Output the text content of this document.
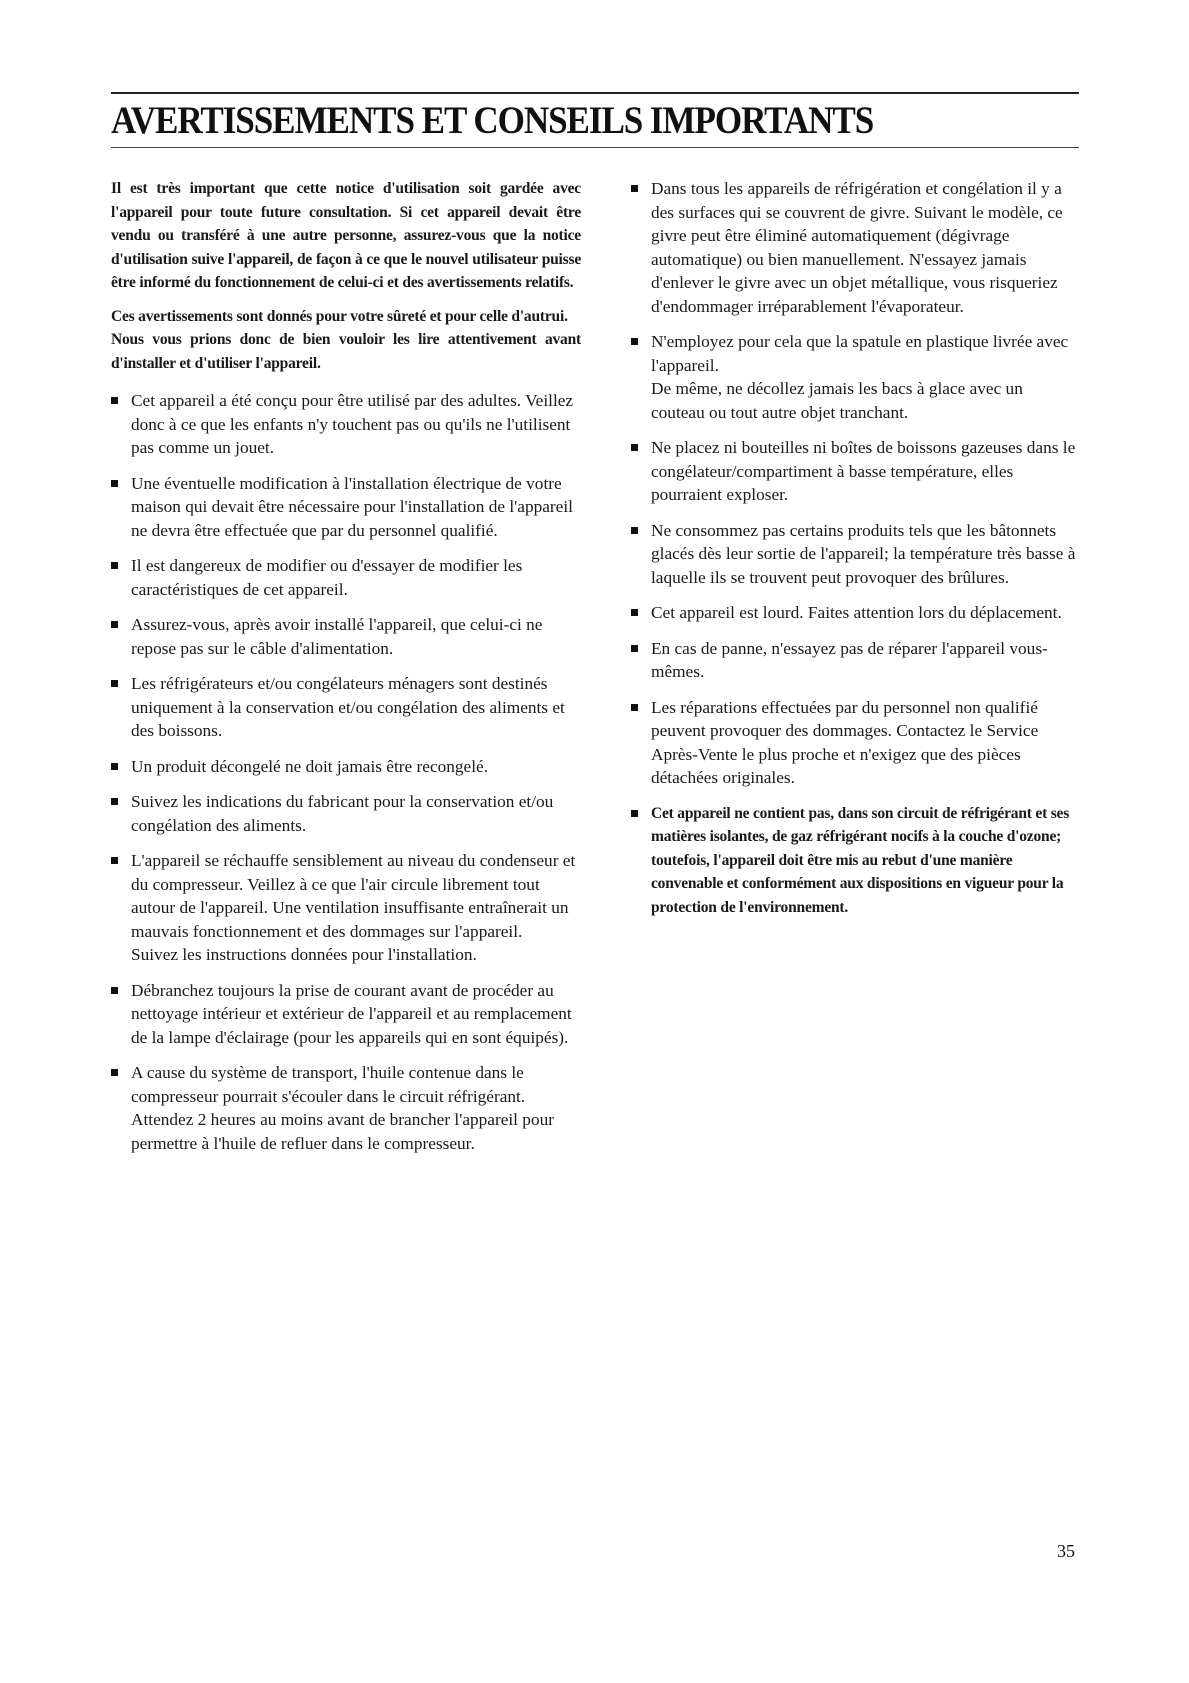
AVERTISSEMENTS ET CONSEILS IMPORTANTS

Il est très important que cette notice d'utilisation soit gardée avec l'appareil pour toute future consultation. Si cet appareil devait être vendu ou transféré à une autre personne, assurez-vous que la notice d'utilisation suive l'appareil, de façon à ce que le nouvel utilisateur puisse être informé du fonctionnement de celui-ci et des avertissements relatifs.

Ces avertissements sont donnés pour votre sûreté et pour celle d'autrui.

Nous vous prions donc de bien vouloir les lire attentivement avant d'installer et d'utiliser l'appareil.

Cet appareil a été conçu pour être utilisé par des adultes. Veillez donc à ce que les enfants n'y touchent pas ou qu'ils ne l'utilisent pas comme un jouet.
Une éventuelle modification à l'installation électrique de votre maison qui devait être nécessaire pour l'installation de l'appareil ne devra être effectuée que par du personnel qualifié.
Il est dangereux de modifier ou d'essayer de modifier les caractéristiques de cet appareil.
Assurez-vous, après avoir installé l'appareil, que celui-ci ne repose pas sur le câble d'alimentation.
Les réfrigérateurs et/ou congélateurs ménagers sont destinés uniquement à la conservation et/ou congélation des aliments et des boissons.
Un produit décongelé ne doit jamais être recongelé.
Suivez les indications du fabricant pour la conservation et/ou congélation des aliments.
L'appareil se réchauffe sensiblement au niveau du condenseur et du compresseur. Veillez à ce que l'air circule librement tout autour de l'appareil. Une ventilation insuffisante entraînerait un mauvais fonctionnement et des dommages sur l'appareil.
Suivez les instructions données pour l'installation.
Débranchez toujours la prise de courant avant de procéder au nettoyage intérieur et extérieur de l'appareil et au remplacement de la lampe d'éclairage (pour les appareils qui en sont équipés).
A cause du système de transport, l'huile contenue dans le compresseur pourrait s'écouler dans le circuit réfrigérant.
Attendez 2 heures au moins avant de brancher l'appareil pour permettre à l'huile de refluer dans le compresseur.
Dans tous les appareils de réfrigération et congélation il y a des surfaces qui se couvrent de givre. Suivant le modèle, ce givre peut être éliminé automatiquement (dégivrage automatique) ou bien manuellement. N'essayez jamais d'enlever le givre avec un objet métallique, vous risqueriez d'endommager irréparablement l'évaporateur.
N'employez pour cela que la spatule en plastique livrée avec l'appareil.
De même, ne décollez jamais les bacs à glace avec un couteau ou tout autre objet tranchant.
Ne placez ni bouteilles ni boîtes de boissons gazeuses dans le congélateur/compartiment à basse température, elles pourraient exploser.
Ne consommez pas certains produits tels que les bâtonnets glacés dès leur sortie de l'appareil; la température très basse à laquelle ils se trouvent peut provoquer des brûlures.
Cet appareil est lourd. Faites attention lors du déplacement.
En cas de panne, n'essayez pas de réparer l'appareil vous-mêmes.
Les réparations effectuées par du personnel non qualifié peuvent provoquer des dommages. Contactez le Service Après-Vente le plus proche et n'exigez que des pièces détachées originales.
Cet appareil ne contient pas, dans son circuit de réfrigérant et ses matières isolantes, de gaz réfrigérant nocifs à la couche d'ozone; toutefois, l'appareil doit être mis au rebut d'une manière convenable et conformément aux dispositions en vigueur pour la protection de l'environnement.
35
